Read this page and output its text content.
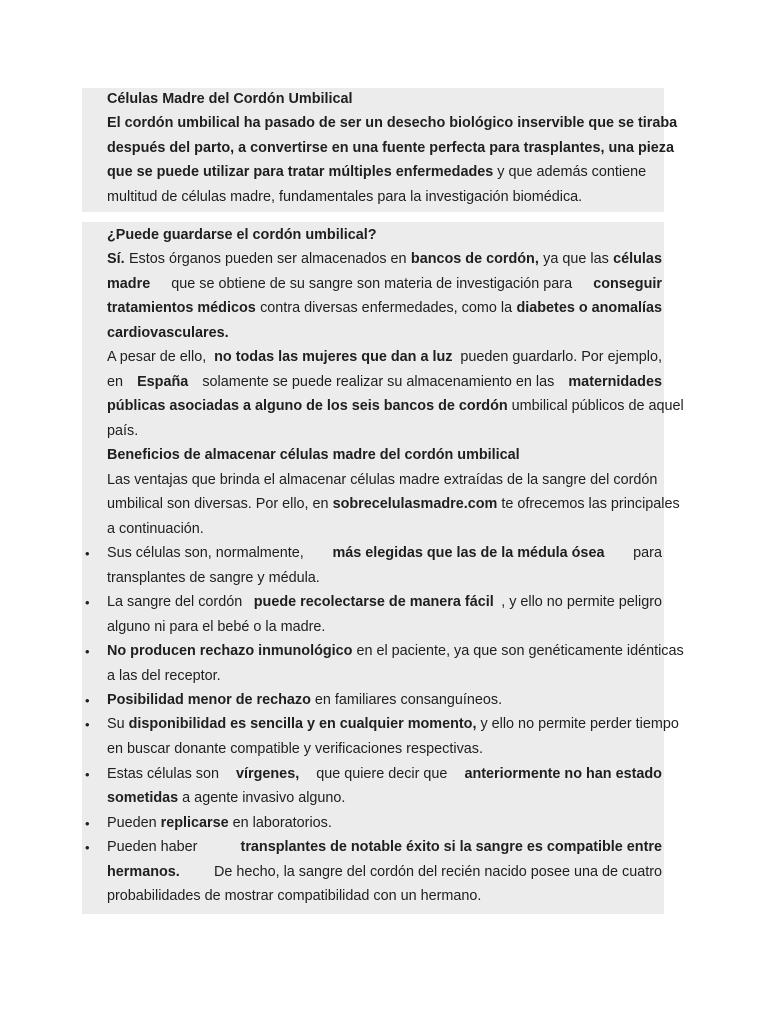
Células Madre del Cordón Umbilical
El cordón umbilical ha pasado de ser un desecho biológico inservible que se tiraba
después del parto, a convertirse en una fuente perfecta para trasplantes, una pieza
que se puede utilizar para tratar múltiples enfermedades y que además contiene
multitud de células madre, fundamentales para la investigación biomédica.
¿Puede guardarse el cordón umbilical?
Sí. Estos órganos pueden ser almacenados en bancos de cordón, ya que las células
madre que se obtiene de su sangre son materia de investigación para conseguir
tratamientos médicos contra diversas enfermedades, como la diabetes o anomalías
cardiovasculares.
A pesar de ello, no todas las mujeres que dan a luz pueden guardarlo. Por ejemplo,
en España solamente se puede realizar su almacenamiento en las maternidades
públicas asociadas a alguno de los seis bancos de cordón umbilical públicos de aquel
país.
Beneficios de almacenar células madre del cordón umbilical
Las ventajas que brinda el almacenar células madre extraídas de la sangre del cordón
umbilical son diversas. Por ello, en sobrecelulasmadre.com te ofrecemos las principales
a continuación.
• Sus células son, normalmente, más elegidas que las de la médula ósea para
transplantes de sangre y médula.
• La sangre del cordón puede recolectarse de manera fácil , y ello no permite peligro
alguno ni para el bebé o la madre.
• No producen rechazo inmunológico en el paciente, ya que son genéticamente idénticas
a las del receptor.
• Posibilidad menor de rechazo en familiares consanguíneos.
• Su disponibilidad es sencilla y en cualquier momento, y ello no permite perder tiempo
en buscar donante compatible y verificaciones respectivas.
• Estas células son vírgenes, que quiere decir que anteriormente no han estado
sometidas a agente invasivo alguno.
• Pueden replicarse en laboratorios.
• Pueden haber	transplantes de notable éxito si la sangre es compatible entre
hermanos. De hecho, la sangre del cordón del recién nacido posee una de cuatro
probabilidades de mostrar compatibilidad con un hermano.
